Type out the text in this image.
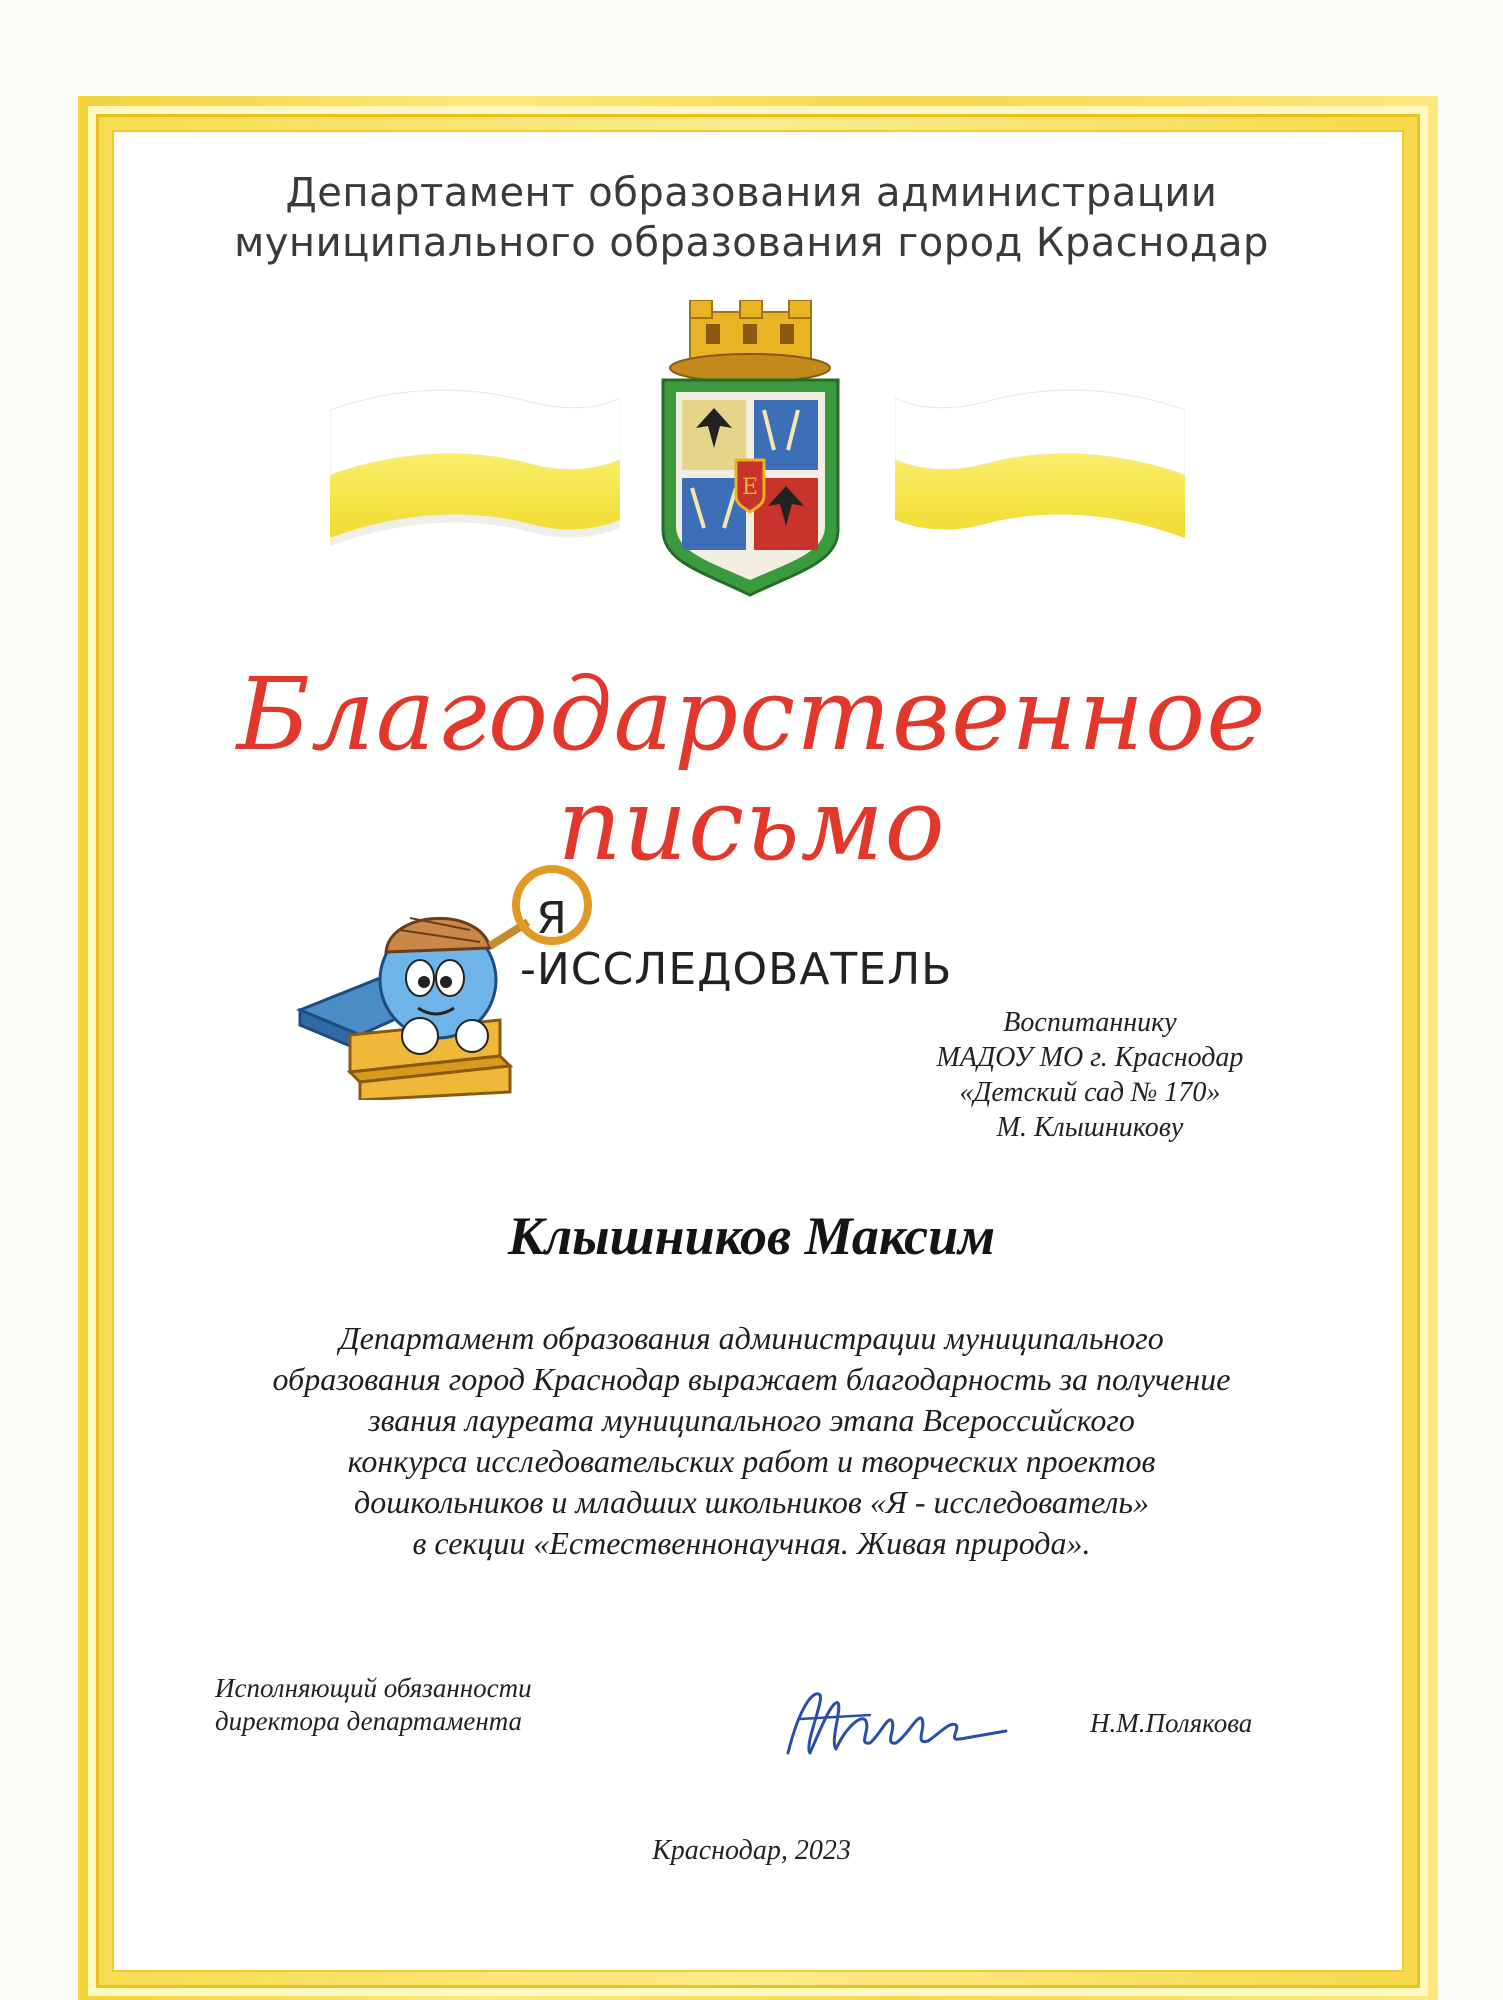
Департамент образования администрации
муниципального образования город Краснодар
Е
Благодарственное
письмо
Я-ИССЛЕДОВАТЕЛЬ
Воспитаннику
МАДОУ МО г. Краснодар
«Детский сад № 170»
М. Клышникову
Клышников Максим
Департамент образования администрации муниципального
образования город Краснодар выражает благодарность за получение
звания лауреата муниципального этапа Всероссийского
конкурса исследовательских работ и творческих проектов
дошкольников и младших школьников «Я - исследователь»
в секции «Естественнонаучная. Живая природа».
Исполняющий обязанности
директора департамента	Н.М.Полякова
Краснодар, 2023
